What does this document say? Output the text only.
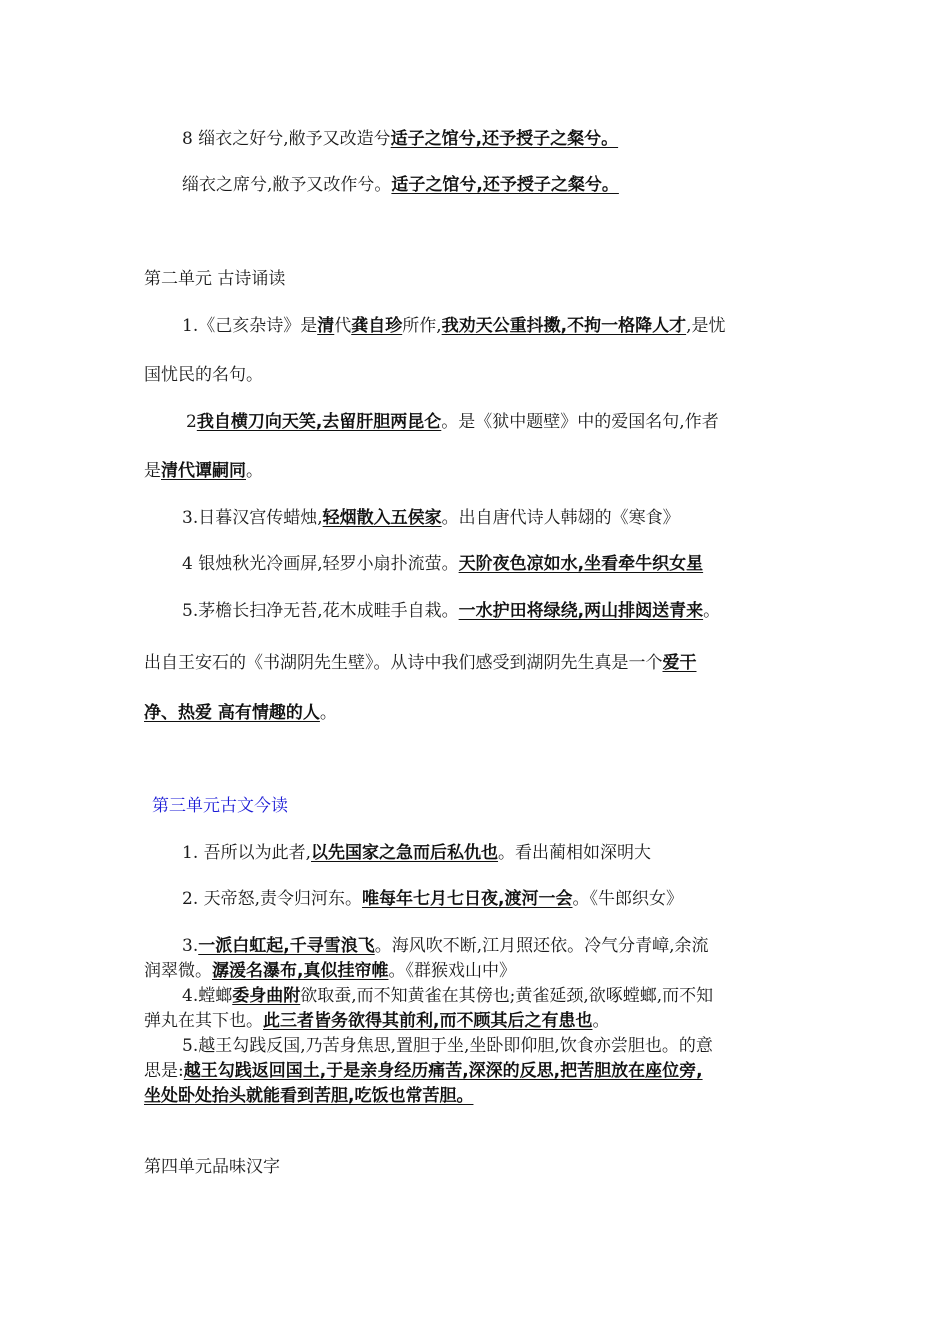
8 缁衣之好兮,敝予又改造兮适子之馆兮,还予授子之粲兮。
缁衣之席兮,敝予又改作兮。适子之馆兮,还予授子之粲兮。
第二单元 古诗诵读
1.《己亥杂诗》是清代龚自珍所作,我劝天公重抖擞,不拘一格降人才,是忧
国忧民的名句。
2我自横刀向天笑,去留肝胆两昆仑。是《狱中题壁》中的爱国名句,作者
是清代谭嗣同。
3.日暮汉宫传蜡烛,轻烟散入五侯家。出自唐代诗人韩翃的《寒食》
4 银烛秋光冷画屏,轻罗小扇扑流萤。天阶夜色凉如水,坐看牵牛织女星
5.茅檐长扫净无苔,花木成畦手自栽。一水护田将绿绕,两山排闼送青来。
出自王安石的《书湖阴先生壁》。从诗中我们感受到湖阴先生真是一个爱干
净、热爱 高有情趣的人。
第三单元古文今读
1. 吾所以为此者,以先国家之急而后私仇也。看出蔺相如深明大
2. 天帝怒,责令归河东。唯每年七月七日夜,渡河一会。《牛郎织女》
3.一派白虹起,千寻雪浪飞。海风吹不断,江月照还依。冷气分青嶂,余流
润翠微。潺湲名瀑布,真似挂帘帷。《群猴戏山中》
4.螳螂委身曲附欲取蚕,而不知黄雀在其傍也;黄雀延颈,欲啄螳螂,而不知
弹丸在其下也。此三者皆务欲得其前利,而不顾其后之有患也。
5.越王勾践反国,乃苦身焦思,置胆于坐,坐卧即仰胆,饮食亦尝胆也。的意
思是:越王勾践返回国土,于是亲身经历痛苦,深深的反思,把苦胆放在座位旁,
坐处卧处抬头就能看到苦胆,吃饭也常苦胆。
第四单元品味汉字
